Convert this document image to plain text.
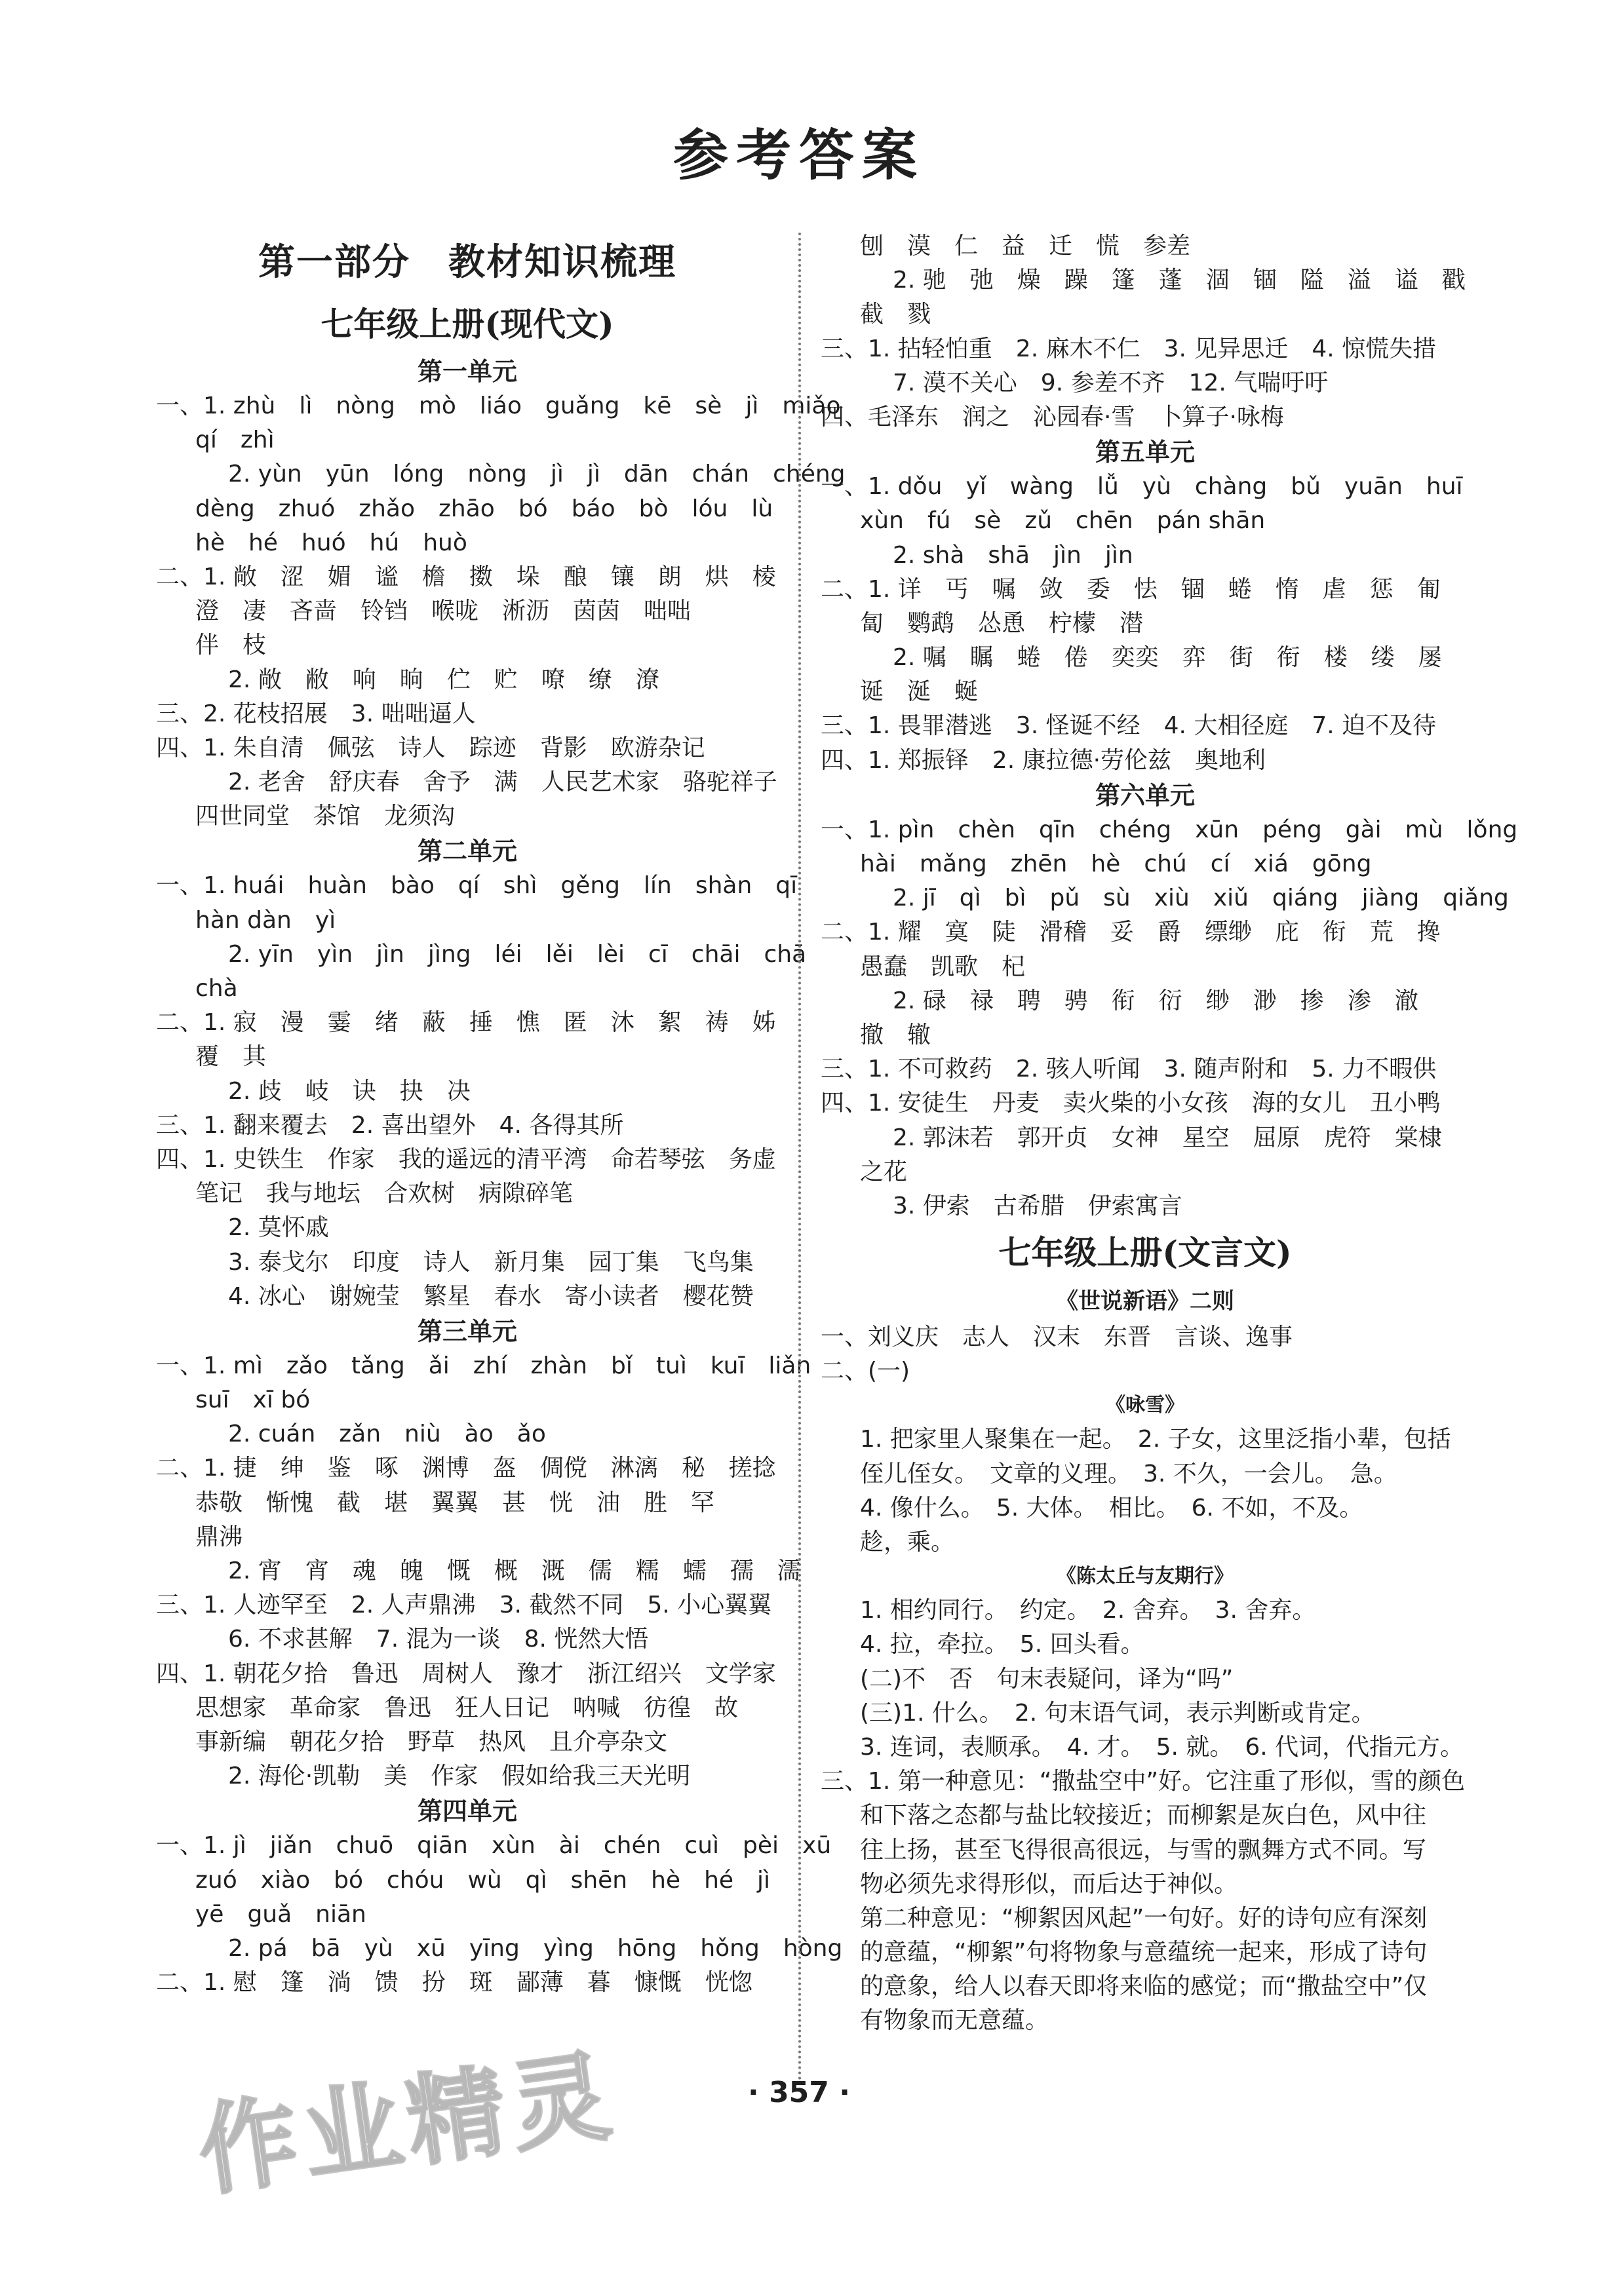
参考答案
第一部分　教材知识梳理
七年级上册(现代文)
第一单元
一、1. zhù　lì　nòng　mò　liáo　guǎng　kē　sè　jì　miǎo
qí　zhì
2. yùn　yūn　lóng　nòng　jì　jì　dān　chán　chéng
dèng　zhuó　zhǎo　zhāo　bó　báo　bò　lóu　lù
hè　hé　huó　hú　huò
二、1. 敞　涩　媚　谧　檐　擞　垛　酿　镶　朗　烘　棱
澄　凄　吝啬　铃铛　喉咙　淅沥　茵茵　咄咄
伴　枝
2. 敞　敝　响　晌　伫　贮　嘹　缭　潦
三、2. 花枝招展　3. 咄咄逼人
四、1. 朱自清　佩弦　诗人　踪迹　背影　欧游杂记
2. 老舍　舒庆春　舍予　满　人民艺术家　骆驼祥子
四世同堂　茶馆　龙须沟
第二单元
一、1. huái　huàn　bào　qí　shì　gěng　lín　shàn　qī
hàn dàn　yì
2. yīn　yìn　jìn　jìng　léi　lěi　lèi　cī　chāi　chā
chà
二、1. 寂　漫　霎　绪　蔽　捶　憔　匿　沐　絮　祷　姊
覆　其
2. 歧　岐　诀　抉　决
三、1. 翻来覆去　2. 喜出望外　4. 各得其所
四、1. 史铁生　作家　我的遥远的清平湾　命若琴弦　务虚
笔记　我与地坛　合欢树　病隙碎笔
2. 莫怀戚
3. 泰戈尔　印度　诗人　新月集　园丁集　飞鸟集
4. 冰心　谢婉莹　繁星　春水　寄小读者　樱花赞
第三单元
一、1. mì　zǎo　tǎng　ǎi　zhí　zhàn　bǐ　tuì　kuī　liǎn
suī　xī bó
2. cuán　zǎn　niù　ào　ǎo
二、1. 捷　绅　鉴　啄　渊博　盔　倜傥　淋漓　秘　搓捻
恭敬　惭愧　截　堪　翼翼　甚　恍　油　胜　罕
鼎沸
2. 宵　宵　魂　魄　慨　概　溉　儒　糯　蠕　孺　濡
三、1. 人迹罕至　2. 人声鼎沸　3. 截然不同　5. 小心翼翼
6. 不求甚解　7. 混为一谈　8. 恍然大悟
四、1. 朝花夕拾　鲁迅　周树人　豫才　浙江绍兴　文学家
思想家　革命家　鲁迅　狂人日记　呐喊　彷徨　故
事新编　朝花夕拾　野草　热风　且介亭杂文
2. 海伦·凯勒　美　作家　假如给我三天光明
第四单元
一、1. jì　jiǎn　chuō　qiān　xùn　ài　chén　cuì　pèi　xū
zuó　xiào　bó　chóu　wù　qì　shēn　hè　hé　jì
yē　guǎ　niān
2. pá　bā　yù　xū　yīng　yìng　hōng　hǒng　hòng
二、1. 慰　篷　淌　馈　扮　斑　鄙薄　暮　慷慨　恍惚
刨　漠　仁　益　迁　慌　参差
2. 驰　弛　燥　躁　篷　蓬　涸　锢　隘　溢　谥　戳
截　戮
三、1. 拈轻怕重　2. 麻木不仁　3. 见异思迁　4. 惊慌失措
7. 漠不关心　9. 参差不齐　12. 气喘吁吁
四、毛泽东　润之　沁园春·雪　卜算子·咏梅
第五单元
一、1. dǒu　yǐ　wàng　lǚ　yù　chàng　bǔ　yuān　huī
xùn　fú　sè　zǔ　chēn　pán shān
2. shà　shā　jìn　jìn
二、1. 详　丐　嘱　敛　委　怯　锢　蜷　惰　虐　惩　匍
匐　鹦鹉　怂恿　柠檬　潜
2. 嘱　瞩　蜷　倦　奕奕　弈　街　衔　楼　缕　屡
诞　涎　蜒
三、1. 畏罪潜逃　3. 怪诞不经　4. 大相径庭　7. 迫不及待
四、1. 郑振铎　2. 康拉德·劳伦兹　奥地利
第六单元
一、1. pìn　chèn　qīn　chéng　xūn　péng　gài　mù　lǒng
hài　mǎng　zhēn　hè　chú　cí　xiá　gōng
2. jī　qì　bì　pǔ　sù　xiù　xiǔ　qiáng　jiàng　qiǎng
二、1. 耀　寞　陡　滑稽　妥　爵　缥缈　庇　衔　荒　搀
愚蠢　凯歌　杞
2. 碌　禄　聘　骋　衔　衍　缈　渺　掺　渗　澈
撤　辙
三、1. 不可救药　2. 骇人听闻　3. 随声附和　5. 力不暇供
四、1. 安徒生　丹麦　卖火柴的小女孩　海的女儿　丑小鸭
2. 郭沫若　郭开贞　女神　星空　屈原　虎符　棠棣
之花
3. 伊索　古希腊　伊索寓言
七年级上册(文言文)
《世说新语》二则
一、刘义庆　志人　汉末　东晋　言谈、逸事
二、(一)
《咏雪》
1. 把家里人聚集在一起。　2. 子女，这里泛指小辈，包括
侄儿侄女。　文章的义理。　3. 不久，一会儿。　急。
4. 像什么。　5. 大体。　相比。　6. 不如，不及。
趁，乘。
《陈太丘与友期行》
1. 相约同行。　约定。　2. 舍弃。　3. 舍弃。
4. 拉，牵拉。　5. 回头看。
(二)不　否　句末表疑问，译为“吗”
(三)1. 什么。　2. 句末语气词，表示判断或肯定。
3. 连词，表顺承。　4. 才。　5. 就。　6. 代词，代指元方。
三、1. 第一种意见：“撒盐空中”好。它注重了形似，雪的颜色
和下落之态都与盐比较接近；而柳絮是灰白色，风中往
往上扬，甚至飞得很高很远，与雪的飘舞方式不同。写
物必须先求得形似，而后达于神似。
第二种意见：“柳絮因风起”一句好。好的诗句应有深刻
的意蕴，“柳絮”句将物象与意蕴统一起来，形成了诗句
的意象，给人以春天即将来临的感觉；而“撒盐空中”仅
有物象而无意蕴。
作业精灵	· 357 ·
